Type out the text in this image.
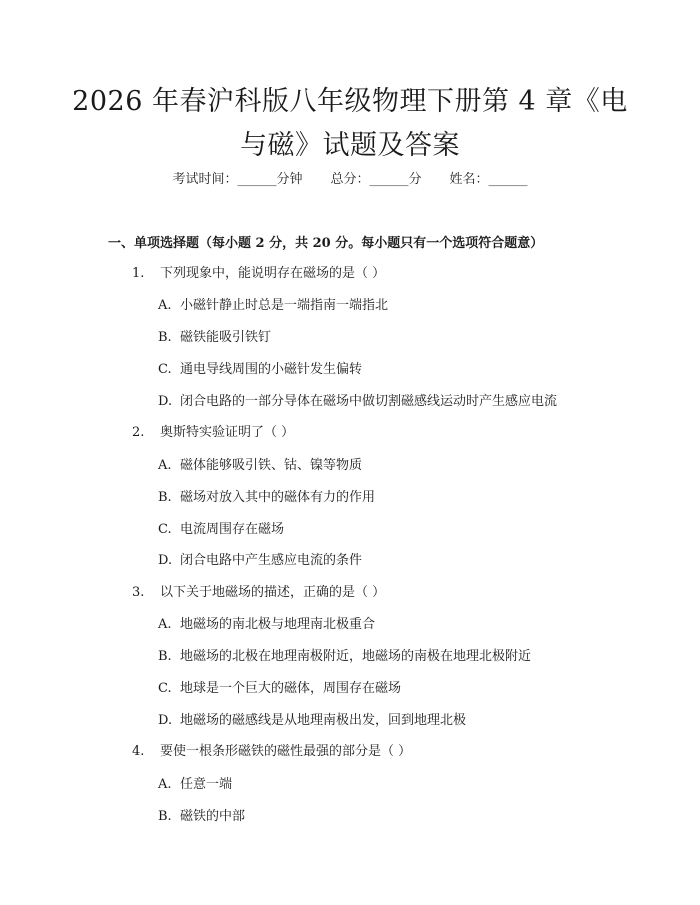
2026 年春沪科版八年级物理下册第 4 章《电与磁》试题及答案
考试时间：______分钟 总分：______分 姓名：______
一、单项选择题（每小题 2 分，共 20 分。每小题只有一个选项符合题意）
1. 下列现象中，能说明存在磁场的是（ ）
A. 小磁针静止时总是一端指南一端指北
B. 磁铁能吸引铁钉
C. 通电导线周围的小磁针发生偏转
D. 闭合电路的一部分导体在磁场中做切割磁感线运动时产生感应电流
2. 奥斯特实验证明了（ ）
A. 磁体能够吸引铁、钴、镍等物质
B. 磁场对放入其中的磁体有力的作用
C. 电流周围存在磁场
D. 闭合电路中产生感应电流的条件
3. 以下关于地磁场的描述，正确的是（ ）
A. 地磁场的南北极与地理南北极重合
B. 地磁场的北极在地理南极附近，地磁场的南极在地理北极附近
C. 地球是一个巨大的磁体，周围存在磁场
D. 地磁场的磁感线是从地理南极出发，回到地理北极
4. 要使一根条形磁铁的磁性最强的部分是（ ）
A. 任意一端
B. 磁铁的中部
